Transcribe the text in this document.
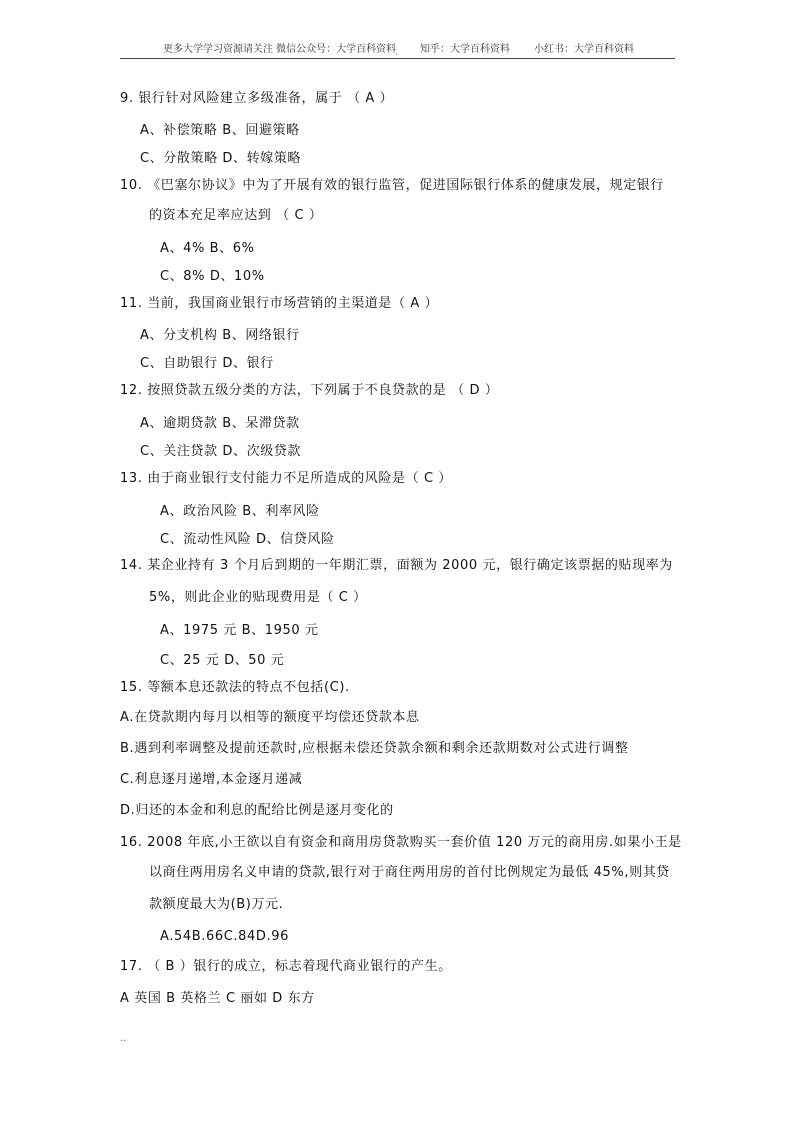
更多大学学习资源请关注 微信公众号：大学百科资料 知乎：大学百科资料 小红书：大学百科资料
·
9. 银行针对风险建立多级准备，属于 （ A ）
A、补偿策略 B、回避策略
C、分散策略 D、转嫁策略
10. 《巴塞尔协议》中为了开展有效的银行监管，促进国际银行体系的健康发展，规定银行
的资本充足率应达到 （ C ）
A、4% B、6%
C、8% D、10%
11. 当前，我国商业银行市场营销的主渠道是（ A ）
A、分支机构 B、网络银行
C、自助银行 D、银行
12. 按照贷款五级分类的方法，下列属于不良贷款的是 （ D ）
A、逾期贷款 B、呆滞贷款
C、关注贷款 D、次级贷款
13. 由于商业银行支付能力不足所造成的风险是（ C ）
A、政治风险 B、利率风险
C、流动性风险 D、信贷风险
14. 某企业持有 3 个月后到期的一年期汇票，面额为 2000 元，银行确定该票据的贴现率为
5%，则此企业的贴现费用是（ C ）
A、1975 元 B、1950 元
C、25 元 D、50 元
15. 等额本息还款法的特点不包括(C).
A.在贷款期内每月以相等的额度平均偿还贷款本息
B.遇到利率调整及提前还款时,应根据未偿还贷款余额和剩余还款期数对公式进行调整
C.利息逐月递增,本金逐月递减
D.归还的本金和利息的配给比例是逐月变化的
16. 2008 年底,小王欲以自有资金和商用房贷款购买一套价值 120 万元的商用房.如果小王是
以商住两用房名义申请的贷款,银行对于商住两用房的首付比例规定为最低 45%,则其贷
款额度最大为(B)万元.
A.54B.66C.84D.96
17. （ B ）银行的成立，标志着现代商业银行的产生。
A 英国 B 英格兰 C 丽如 D 东方
..
